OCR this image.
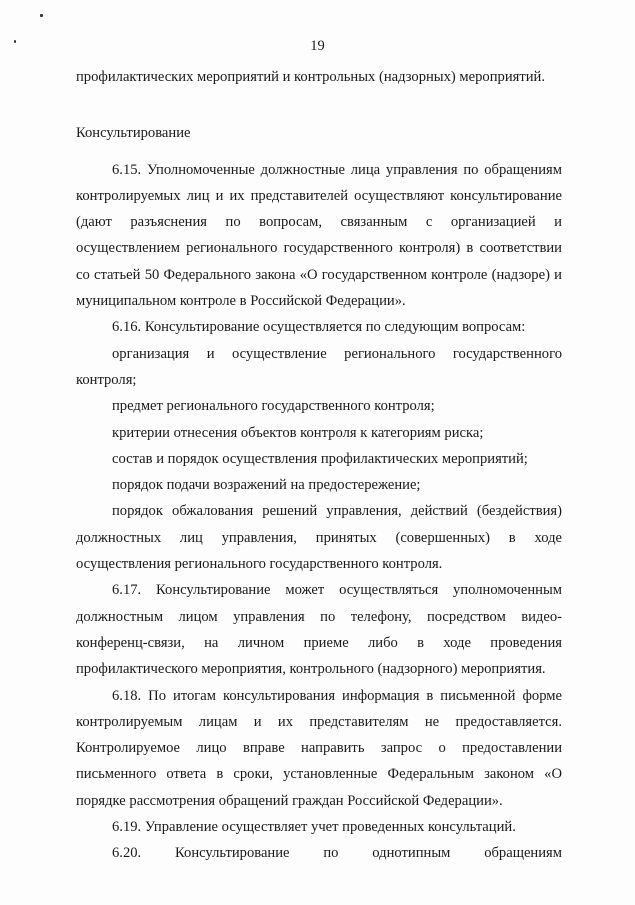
19

профилактических мероприятий и контрольных (надзорных) мероприятий.

Консультирование

6.15. Уполномоченные должностные лица управления по обращениям контролируемых лиц и их представителей осуществляют консультирование (дают разъяснения по вопросам, связанным с организацией и осуществлением регионального государственного контроля) в соответствии со статьей 50 Федерального закона «О государственном контроле (надзоре) и муниципальном контроле в Российской Федерации».

6.16. Консультирование осуществляется по следующим вопросам:

организация и осуществление регионального государственного контроля;

предмет регионального государственного контроля;

критерии отнесения объектов контроля к категориям риска;

состав и порядок осуществления профилактических мероприятий;

порядок подачи возражений на предостережение;

порядок обжалования решений управления, действий (бездействия) должностных лиц управления, принятых (совершенных) в ходе осуществления регионального государственного контроля.

6.17. Консультирование может осуществляться уполномоченным должностным лицом управления по телефону, посредством видео-конференц-связи, на личном приеме либо в ходе проведения профилактического мероприятия, контрольного (надзорного) мероприятия.

6.18. По итогам консультирования информация в письменной форме контролируемым лицам и их представителям не предоставляется. Контролируемое лицо вправе направить запрос о предоставлении письменного ответа в сроки, установленные Федеральным законом «О порядке рассмотрения обращений граждан Российской Федерации».

6.19. Управление осуществляет учет проведенных консультаций.

6.20. Консультирование по однотипным обращениям
